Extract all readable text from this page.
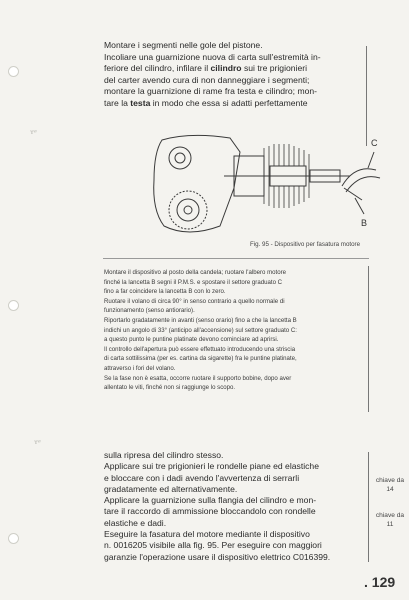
ɤʷ
ɤʷ
Montare i segmenti nelle gole del pistone.
Incoliare una guarnizione nuova di carta sull'estremità in-
feriore del cilindro, infilare il cilindro sui tre prigionieri
del carter avendo cura di non danneggiare i segmenti;
montare la guarnizione di rame fra testa e cilindro; mon-
tare la testa in modo che essa si adatti perfettamente
C
B
Fig. 95 - Dispositivo per fasatura motore
Montare il dispositivo al posto della candela; ruotare l'albero motore
finché la lancetta B segni il P.M.S. e spostare il settore graduato C
fino a far coincidere la lancetta B con lo zero.
Ruotare il volano di circa 90° in senso contrario a quello normale di
funzionamento (senso antiorario).
Riportarlo gradatamente in avanti (senso orario) fino a che la lancetta B
indichi un angolo di 33° (anticipo all'accensione) sul settore graduato C:
a questo punto le puntine platinate devono cominciare ad aprirsi.
Il controllo dell'apertura può essere effettuato introducendo una striscia
di carta sottilissima (per es. cartina da sigarette) fra le puntine platinate,
attraverso i fori del volano.
Se la fase non è esatta, occorre ruotare il supporto bobine, dopo aver
allentato le viti, finché non si raggiunge lo scopo.
sulla ripresa del cilindro stesso.
Applicare sui tre prigionieri le rondelle piane ed elastiche
e bloccare con i dadi avendo l'avvertenza di serrarli
gradatamente ed alternativamente.
Applicare la guarnizione sulla flangia del cilindro e mon-
tare il raccordo di ammissione bloccandolo con rondelle
elastiche e dadi.
Eseguire la fasatura del motore mediante il dispositivo
n. 0016205 visibile alla fig. 95. Per eseguire con maggiori
garanzie l'operazione usare il dispositivo elettrico C016399.
chiave da
14
chiave da
11
. 129
